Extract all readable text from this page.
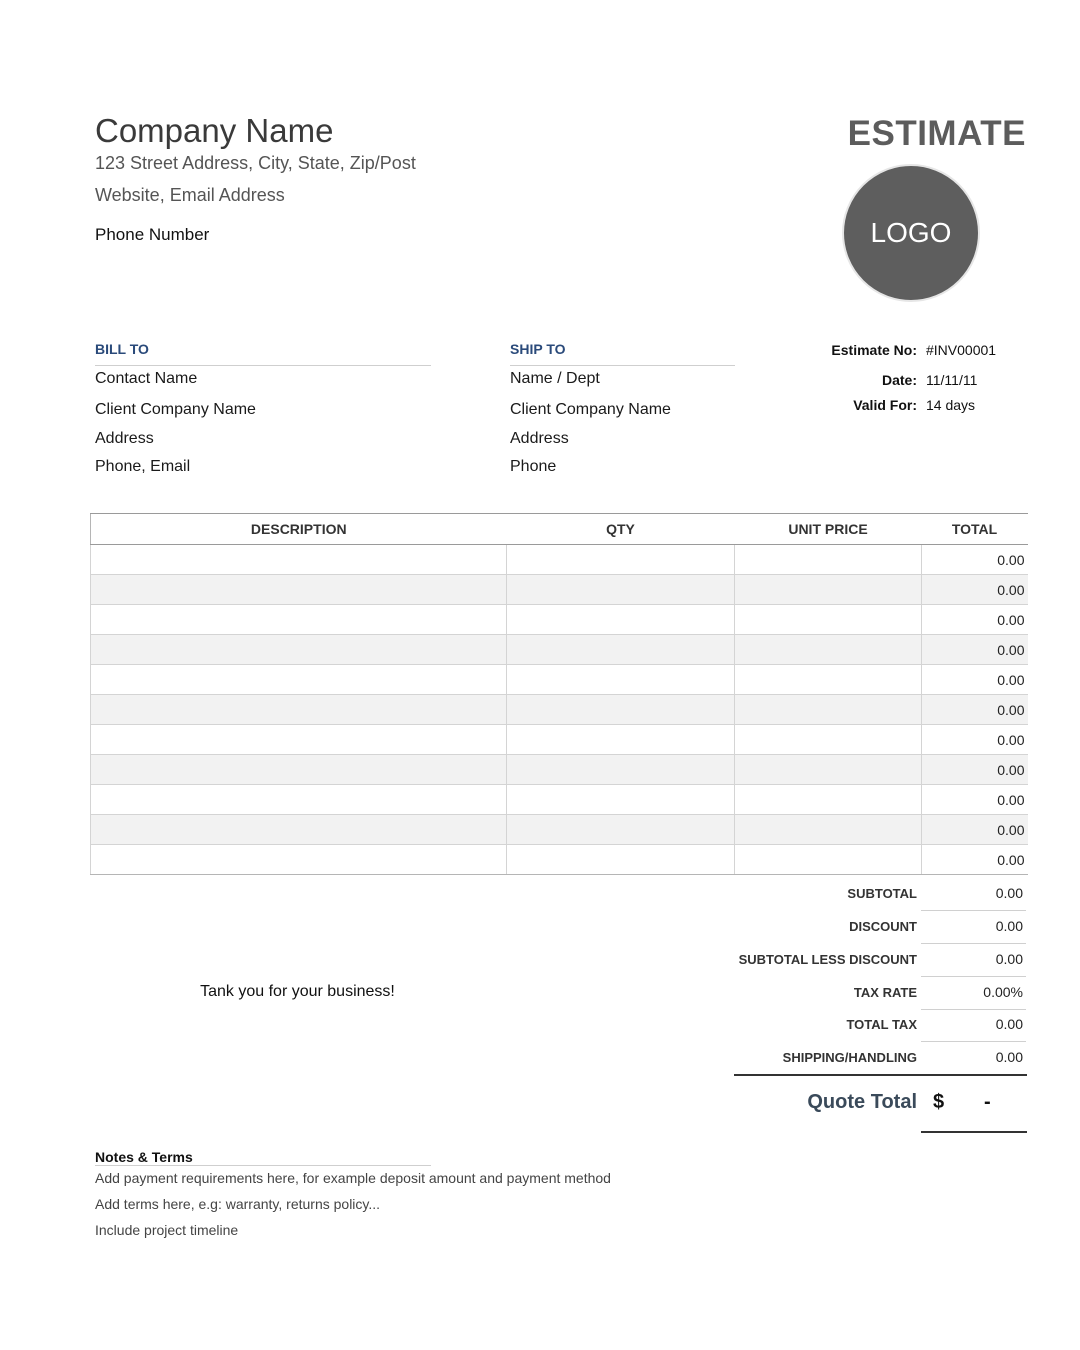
Company Name
123 Street Address, City, State, Zip/Post
Website, Email Address
Phone Number
ESTIMATE
LOGO
BILL TO
Contact Name
Client Company Name
Address
Phone, Email
SHIP TO
Name / Dept
Client Company Name
Address
Phone
Estimate No: #INV00001
Date: 11/11/11
Valid For: 14 days
DESCRIPTION	QTY	UNIT PRICE	TOTAL
			0.00
			0.00
			0.00
			0.00
			0.00
			0.00
			0.00
			0.00
			0.00
			0.00
			0.00
SUBTOTAL	0.00
DISCOUNT	0.00
SUBTOTAL LESS DISCOUNT	0.00
TAX RATE	0.00%
TOTAL TAX	0.00
SHIPPING/HANDLING	0.00
Tank you for your business!
Quote Total $ -
Notes & Terms
Add payment requirements here, for example deposit amount and payment method
Add terms here, e.g: warranty, returns policy...
Include project timeline
